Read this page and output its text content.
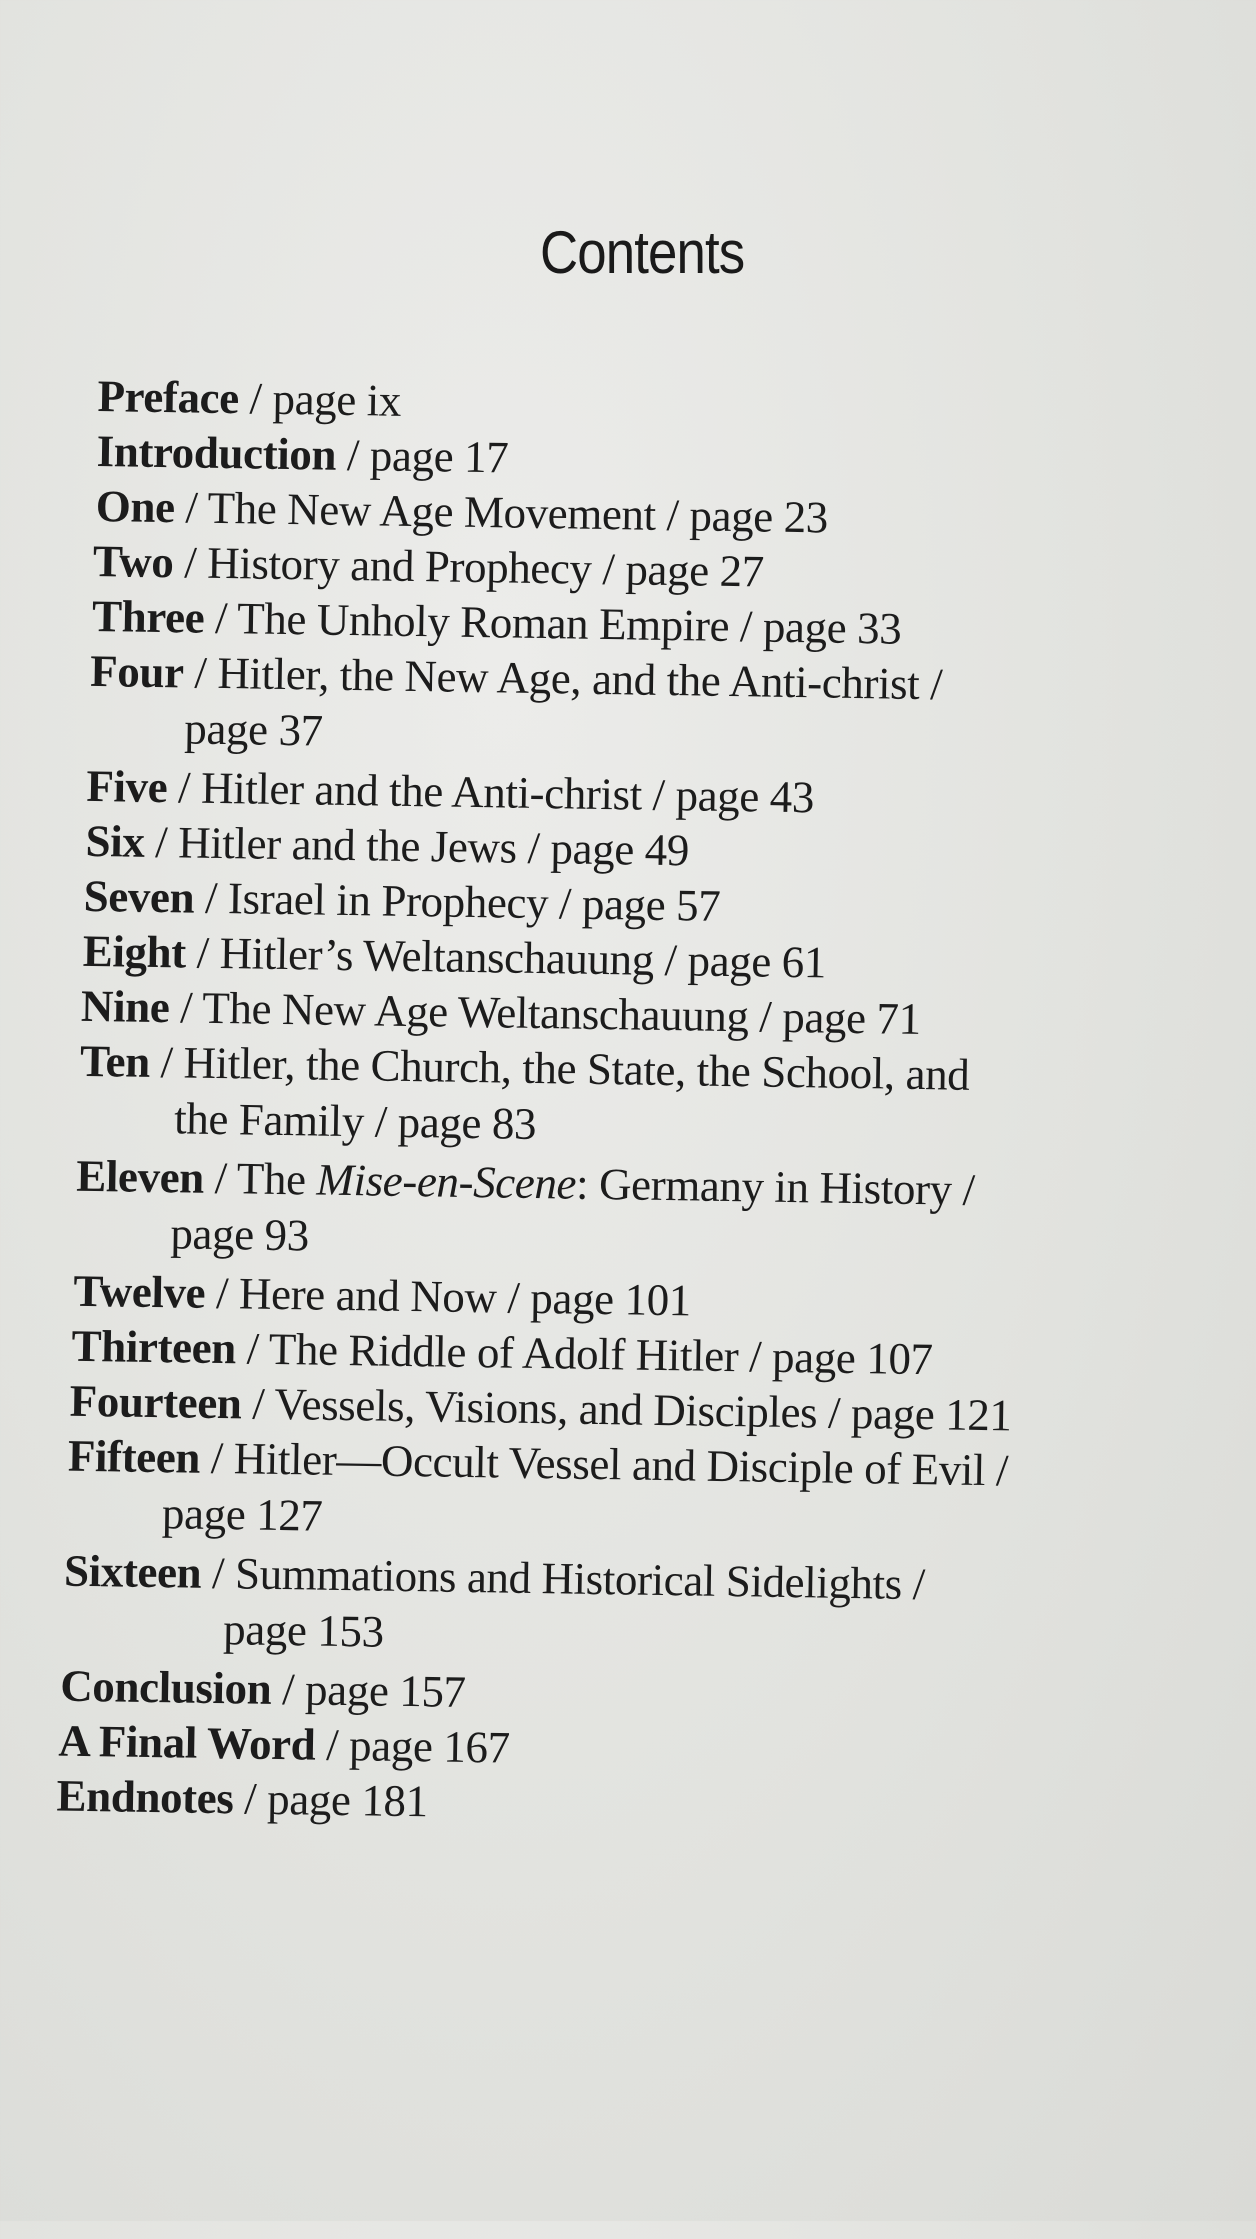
Contents
Preface / page ix
Introduction / page 17
One / The New Age Movement / page 23
Two / History and Prophecy / page 27
Three / The Unholy Roman Empire / page 33
Four / Hitler, the New Age, and the Anti-christ /
page 37
Five / Hitler and the Anti-christ / page 43
Six / Hitler and the Jews / page 49
Seven / Israel in Prophecy / page 57
Eight / Hitler’s Weltanschauung / page 61
Nine / The New Age Weltanschauung / page 71
Ten / Hitler, the Church, the State, the School, and
the Family / page 83
Eleven / The Mise-en-Scene: Germany in History /
page 93
Twelve / Here and Now / page 101
Thirteen / The Riddle of Adolf Hitler / page 107
Fourteen / Vessels, Visions, and Disciples / page 121
Fifteen / Hitler—Occult Vessel and Disciple of Evil /
page 127
Sixteen / Summations and Historical Sidelights /
page 153
Conclusion / page 157
A Final Word / page 167
Endnotes / page 181
